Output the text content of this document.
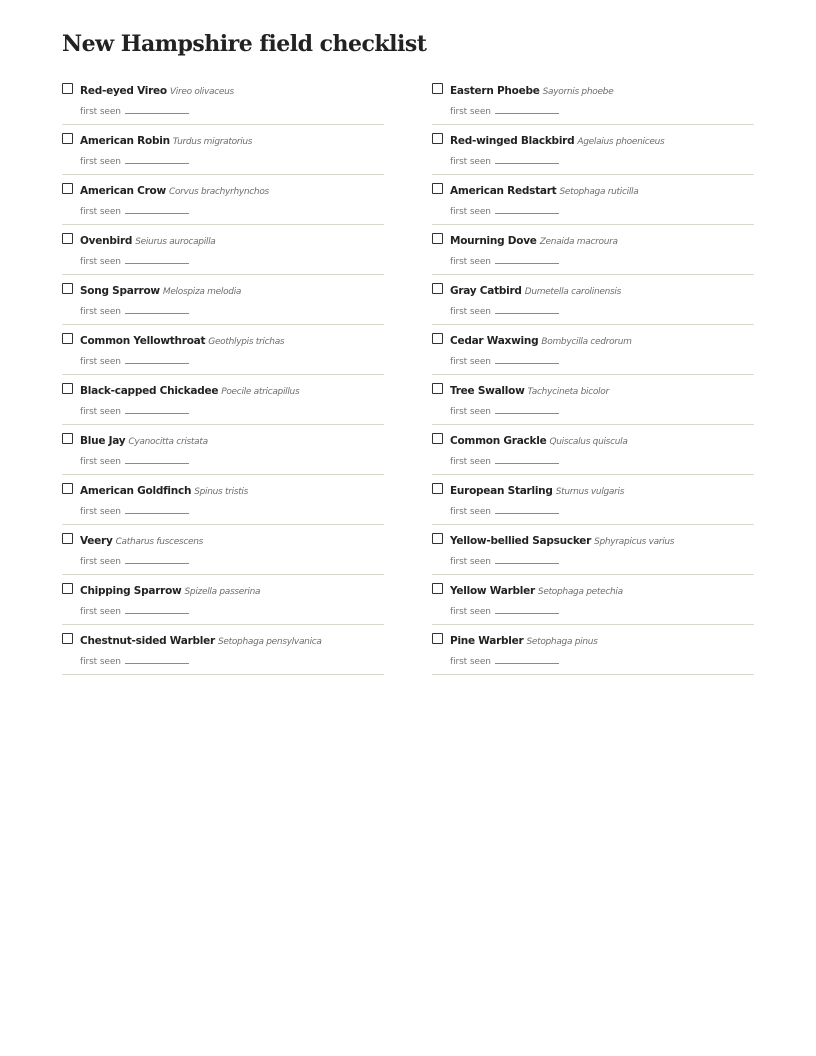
New Hampshire field checklist
Red-eyed Vireo Vireo olivaceus
first seen
American Robin Turdus migratorius
first seen
American Crow Corvus brachyrhynchos
first seen
Ovenbird Seiurus aurocapilla
first seen
Song Sparrow Melospiza melodia
first seen
Common Yellowthroat Geothlypis trichas
first seen
Black-capped Chickadee Poecile atricapillus
first seen
Blue Jay Cyanocitta cristata
first seen
American Goldfinch Spinus tristis
first seen
Veery Catharus fuscescens
first seen
Chipping Sparrow Spizella passerina
first seen
Chestnut-sided Warbler Setophaga pensylvanica
first seen
Eastern Phoebe Sayornis phoebe
first seen
Red-winged Blackbird Agelaius phoeniceus
first seen
American Redstart Setophaga ruticilla
first seen
Mourning Dove Zenaida macroura
first seen
Gray Catbird Dumetella carolinensis
first seen
Cedar Waxwing Bombycilla cedrorum
first seen
Tree Swallow Tachycineta bicolor
first seen
Common Grackle Quiscalus quiscula
first seen
European Starling Sturnus vulgaris
first seen
Yellow-bellied Sapsucker Sphyrapicus varius
first seen
Yellow Warbler Setophaga petechia
first seen
Pine Warbler Setophaga pinus
first seen
